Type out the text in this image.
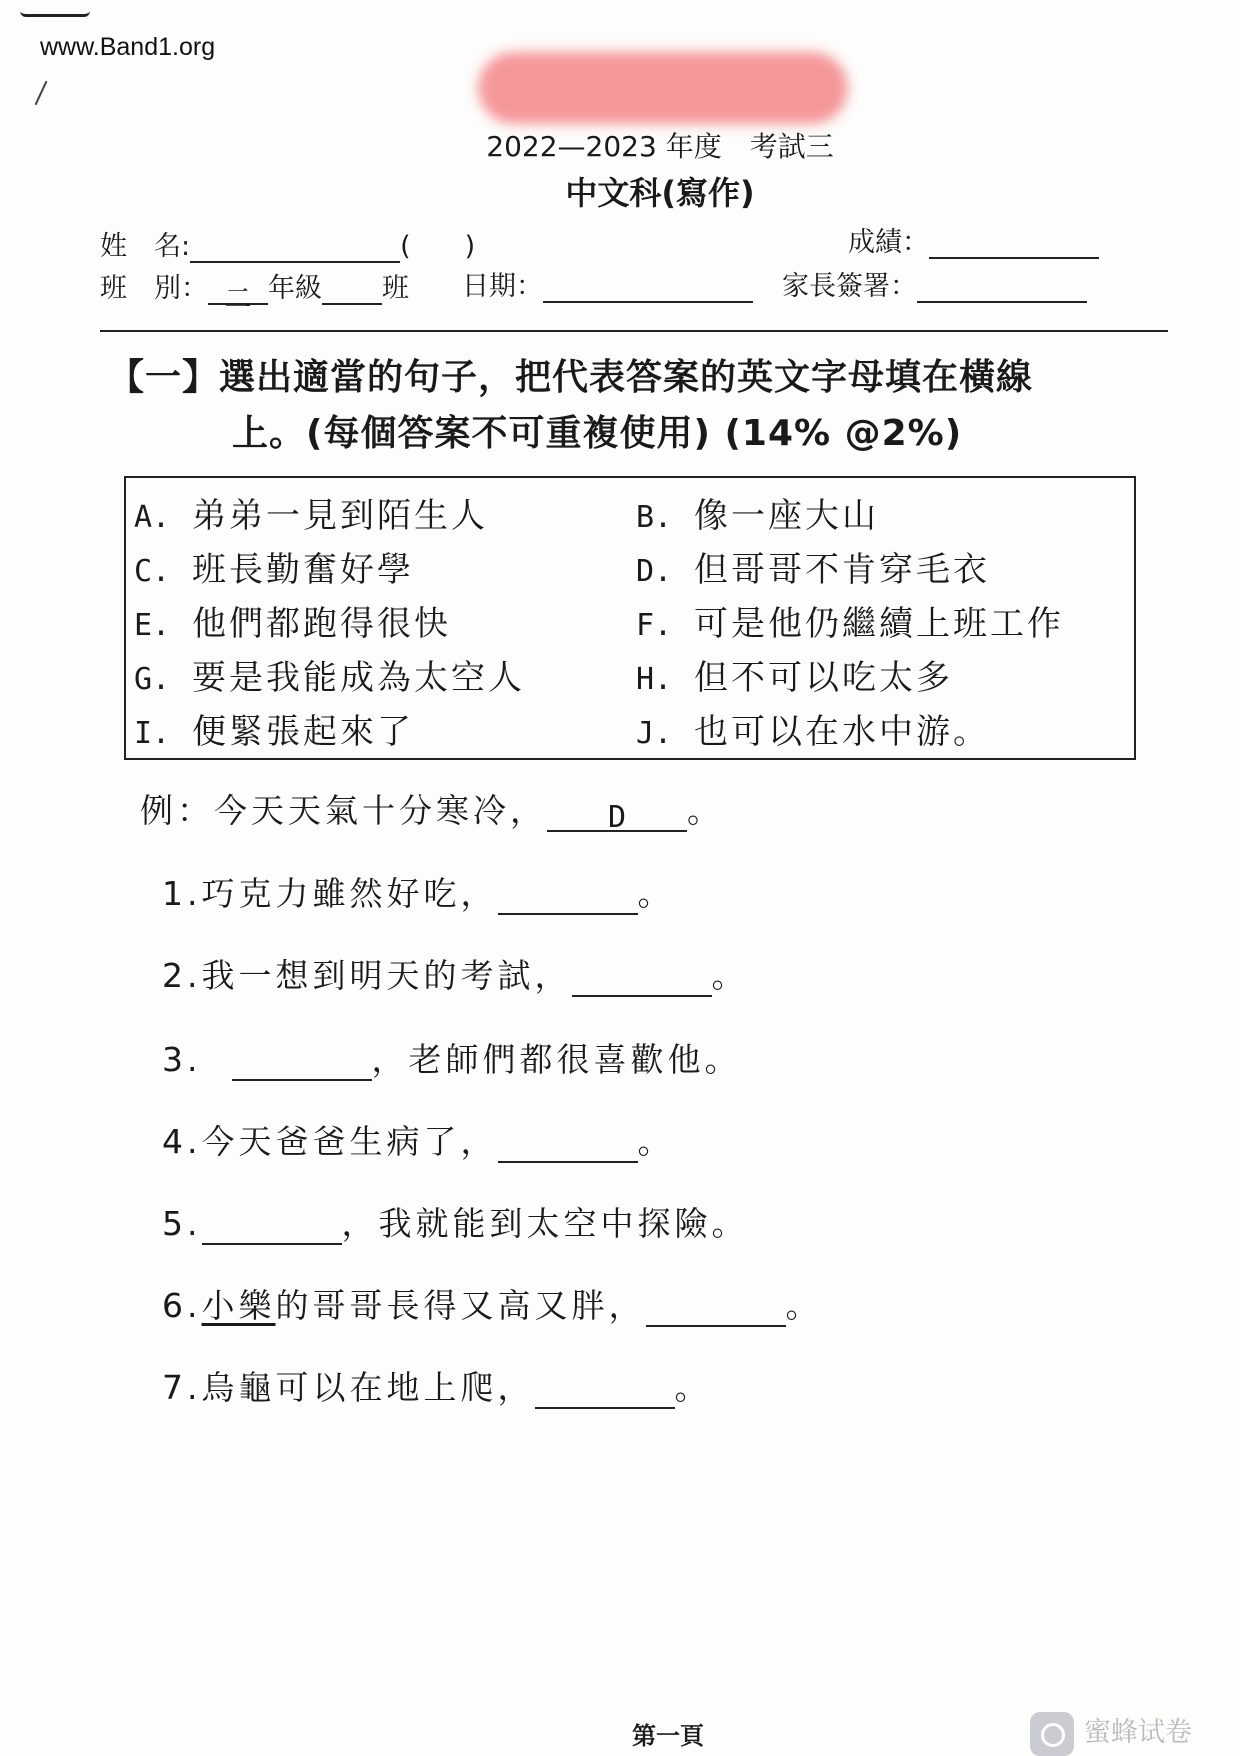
www.Band1.org
2022—2023 年度　考試三
中文科(寫作)
姓　名:	(　　)	成績：
班　別： 二 年級 班 日期：	家長簽署：
【一】選出適當的句子，把代表答案的英文字母填在橫線
上。(每個答案不可重複使用) (14% @2%)
A. 弟弟一見到陌生人	B. 像一座大山
C. 班長勤奮好學	D. 但哥哥不肯穿毛衣
E. 他們都跑得很快	F. 可是他仍繼續上班工作
G. 要是我能成為太空人	H. 但不可以吃太多
I. 便緊張起來了	J. 也可以在水中游。
例：今天天氣十分寒冷， D 。
1.巧克力雖然好吃，	。
2.我一想到明天的考試，	。
3.	，老師們都很喜歡他。
4.今天爸爸生病了，	。
5.	，我就能到太空中探險。
6.小樂的哥哥長得又高又胖，	。
7.烏龜可以在地上爬，	。
第一頁	蜜蜂试卷
